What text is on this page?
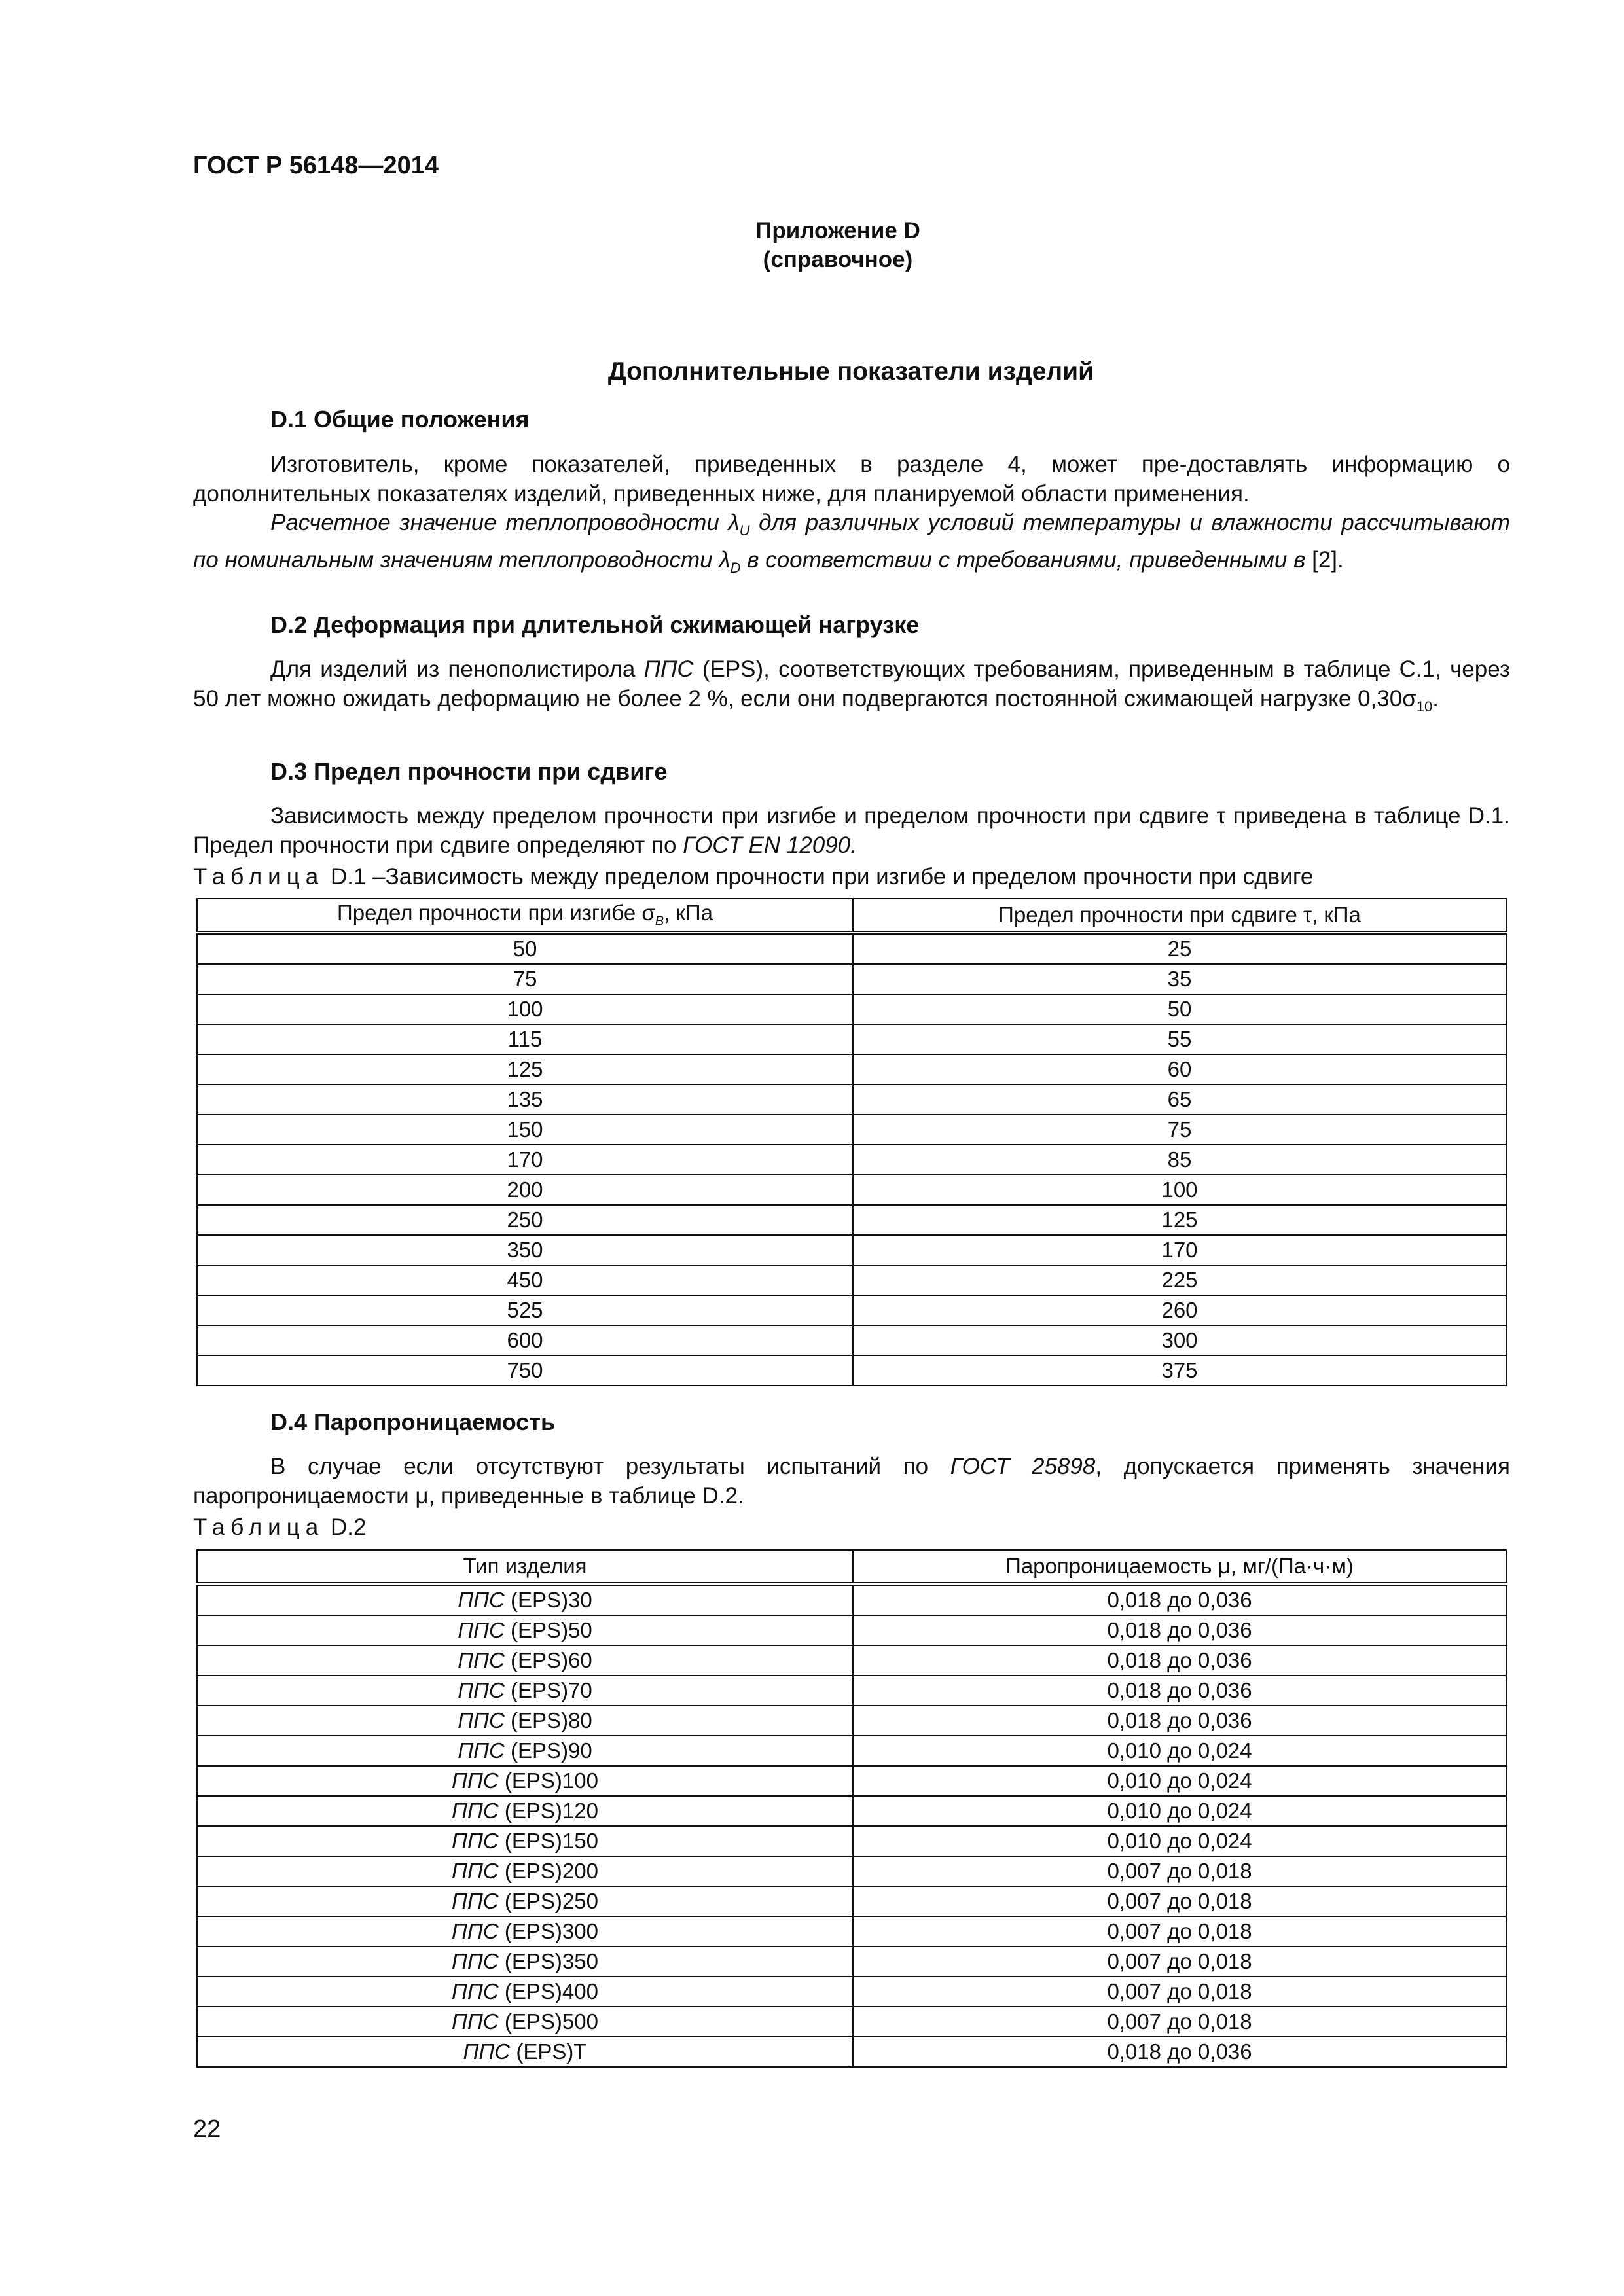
ГОСТ Р 56148—2014
Приложение D
(справочное)
Дополнительные показатели изделий
D.1 Общие положения

Изготовитель, кроме показателей, приведенных в разделе 4, может пре-доставлять информацию о дополнительных показателях изделий, приведенных ниже, для планируемой области применения.

Расчетное значение теплопроводности $\lambda_U$ для различных условий температуры и влажности рассчитывают по номинальным значениям теплопроводности $\lambda_D$ в соответствии с требованиями, приведенными в [2].

D.2 Деформация при длительной сжимающей нагрузке

Для изделий из пенополистирола ППС (EPS), соответствующих требованиям, приведенным в таблице С.1, через 50 лет можно ожидать деформацию не более 2 %, если они подвергаются постоянной сжимающей нагрузке $0,30\sigma_{10}$.

D.3 Предел прочности при сдвиге

Зависимость между пределом прочности при изгибе и пределом прочности при сдвиге τ приведена в таблице D.1. Предел прочности при сдвиге определяют по ГОСТ EN 12090.

Таблица D.1 –Зависимость между пределом прочности при изгибе и пределом прочности при сдвиге
Предел прочности при изгибе $\sigma_B$, кПа	Предел прочности при сдвиге τ, кПа
50	25
75	35
100	50
115	55
125	60
135	65
150	75
170	85
200	100
250	125
350	170
450	225
525	260
600	300
750	375
D.4 Паропроницаемость

В случае если отсутствуют результаты испытаний по ГОСТ 25898, допускается применять значения паропроницаемости μ, приведенные в таблице D.2.

Таблица D.2
Тип изделия	Паропроницаемость μ, мг/(Па·ч·м)
ППС (EPS)30	0,018 до 0,036
ППС (EPS)50	0,018 до 0,036
ППС (EPS)60	0,018 до 0,036
ППС (EPS)70	0,018 до 0,036
ППС (EPS)80	0,018 до 0,036
ППС (EPS)90	0,010 до 0,024
ППС (EPS)100	0,010 до 0,024
ППС (EPS)120	0,010 до 0,024
ППС (EPS)150	0,010 до 0,024
ППС (EPS)200	0,007 до 0,018
ППС (EPS)250	0,007 до 0,018
ППС (EPS)300	0,007 до 0,018
ППС (EPS)350	0,007 до 0,018
ППС (EPS)400	0,007 до 0,018
ППС (EPS)500	0,007 до 0,018
ППС (EPS)T	0,018 до 0,036
22
